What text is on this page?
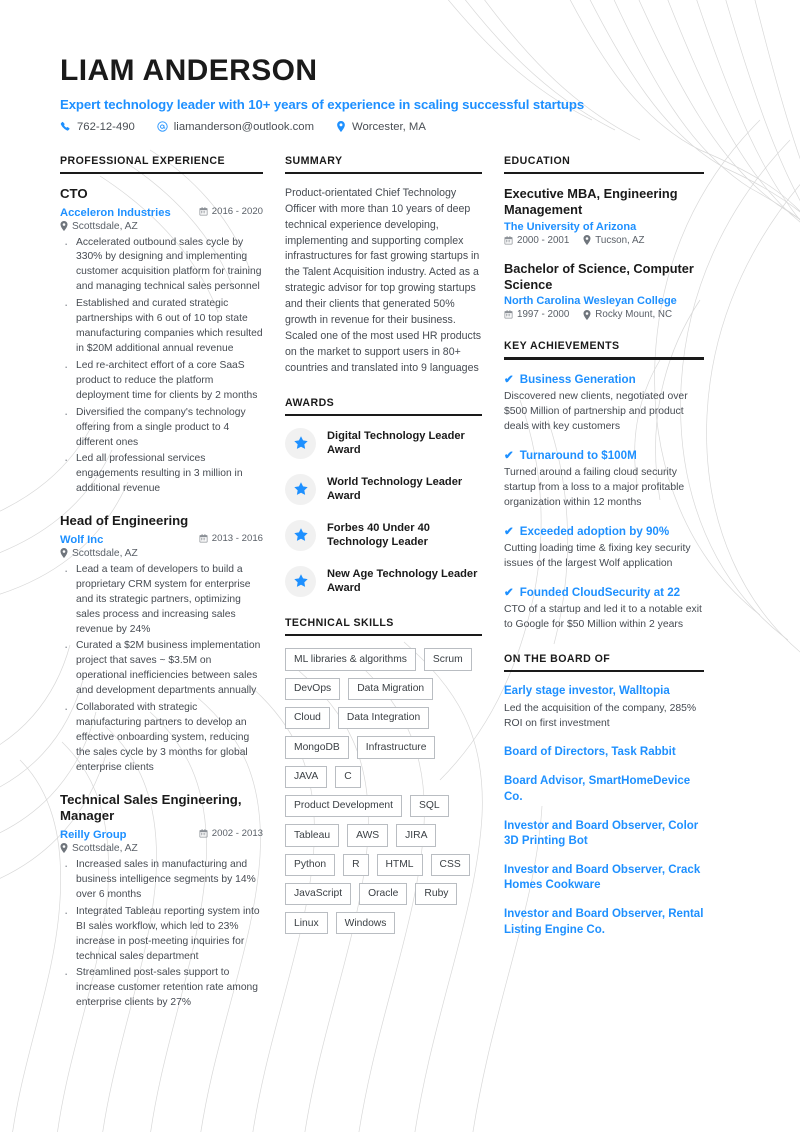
LIAM ANDERSON
Expert technology leader with 10+ years of experience in scaling successful startups
762-12-490	liamanderson@outlook.com	Worcester, MA
PROFESSIONAL EXPERIENCE
CTO
Acceleron Industries	2016 - 2020
Scottsdale, AZ
· Accelerated outbound sales cycle by 330% by designing and implementing customer acquisition platform for training and managing technical sales personnel
· Established and curated strategic partnerships with 6 out of 10 top state manufacturing companies which resulted in $20M additional annual revenue
· Led re-architect effort of a core SaaS product to reduce the platform deployment time for clients by 2 months
· Diversified the company's technology offering from a single product to 4 different ones
· Led all professional services engagements resulting in 3 million in additional revenue
Head of Engineering
Wolf Inc	2013 - 2016
Scottsdale, AZ
· Lead a team of developers to build a proprietary CRM system for enterprise and its strategic partners, optimizing sales process and increasing sales revenue by 24%
· Curated a $2M business implementation project that saves ~ $3.5M on operational inefficiencies between sales and development departments annually
· Collaborated with strategic manufacturing partners to develop an effective onboarding system, reducing the sales cycle by 3 months for global enterprise clients
Technical Sales Engineering, Manager
Reilly Group	2002 - 2013
Scottsdale, AZ
· Increased sales in manufacturing and business intelligence segments by 14% over 6 months
· Integrated Tableau reporting system into BI sales workflow, which led to 23% increase in post-meeting inquiries for technical sales department
· Streamlined post-sales support to increase customer retention rate among enterprise clients by 27%
SUMMARY
Product-orientated Chief Technology Officer with more than 10 years of deep technical experience developing, implementing and supporting complex infrastructures for fast growing startups in the Talent Acquisition industry. Acted as a strategic advisor for top growing startups and their clients that generated 50% growth in revenue for their business. Scaled one of the most used HR products on the market to support users in 80+ countries and translated into 9 languages
AWARDS
Digital Technology Leader Award
World Technology Leader Award
Forbes 40 Under 40 Technology Leader
New Age Technology Leader Award
TECHNICAL SKILLS
ML libraries & algorithms	Scrum
DevOps	Data Migration
Cloud	Data Integration
MongoDB	Infrastructure
JAVA	C
Product Development	SQL
Tableau	AWS	JIRA
Python	R	HTML	CSS
JavaScript	Oracle	Ruby
Linux	Windows
EDUCATION
Executive MBA, Engineering Management
The University of Arizona
2000 - 2001	Tucson, AZ
Bachelor of Science, Computer Science
North Carolina Wesleyan College
1997 - 2000	Rocky Mount, NC
KEY ACHIEVEMENTS
✔ Business Generation
Discovered new clients, negotiated over $500 Million of partnership and product deals with key customers
✔ Turnaround to $100M
Turned around a failing cloud security startup from a loss to a major profitable organization within 12 months
✔ Exceeded adoption by 90%
Cutting loading time & fixing key security issues of the largest Wolf application
✔ Founded CloudSecurity at 22
CTO of a startup and led it to a notable exit to Google for $50 Million within 2 years
ON THE BOARD OF
Early stage investor, Walltopia
Led the acquisition of the company, 285% ROI on first investment
Board of Directors, Task Rabbit
Board Advisor, SmartHomeDevice Co.
Investor and Board Observer, Color 3D Printing Bot
Investor and Board Observer, Crack Homes Cookware
Investor and Board Observer, Rental Listing Engine Co.
